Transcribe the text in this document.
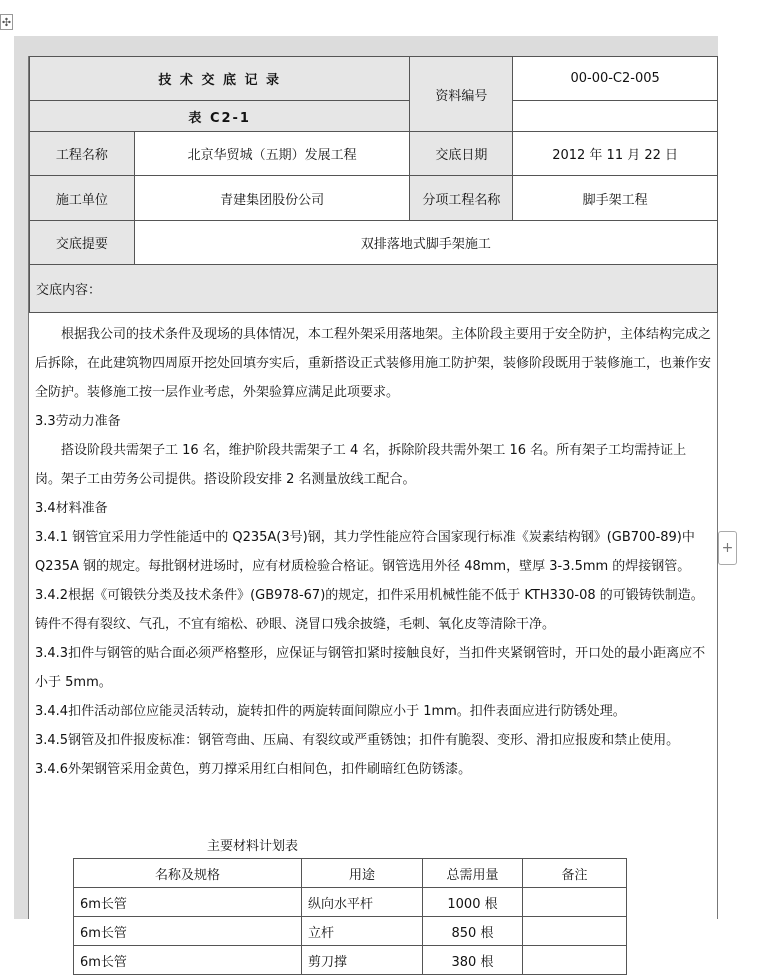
✣
+
技 术 交 底 记 录		资料编号	00-00-C2-005
表 C2-1			
工程名称	北京华贸城（五期）发展工程	交底日期	2012 年 11 月 22 日
施工单位	青建集团股份公司	分项工程名称	脚手架工程
交底提要	双排落地式脚手架施工		
交底内容：			

根据我公司的技术条件及现场的具体情况，本工程外架采用落地架。主体阶段主要用于安全防护，主体结构完成之后拆除，在此建筑物四周原开挖处回填夯实后，重新搭设正式装修用施工防护架，装修阶段既用于装修施工，也兼作安全防护。装修施工按一层作业考虑，外架验算应满足此项要求。

3.3劳动力准备

搭设阶段共需架子工 16 名，维护阶段共需架子工 4 名，拆除阶段共需外架工 16 名。所有架子工均需持证上岗。架子工由劳务公司提供。搭设阶段安排 2 名测量放线工配合。

3.4材料准备

3.4.1 钢管宜采用力学性能适中的 Q235A(3号)钢，其力学性能应符合国家现行标准《炭素结构钢》(GB700-89)中 Q235A 钢的规定。每批钢材进场时，应有材质检验合格证。钢管选用外径 48mm，壁厚 3-3.5mm 的焊接钢管。

3.4.2根据《可锻铁分类及技术条件》(GB978-67)的规定，扣件采用机械性能不低于 KTH330-08 的可锻铸铁制造。铸件不得有裂纹、气孔，不宜有缩松、砂眼、浇冒口残余披缝，毛刺、氧化皮等清除干净。

3.4.3扣件与钢管的贴合面必须严格整形，应保证与钢管扣紧时接触良好，当扣件夹紧钢管时，开口处的最小距离应不小于 5mm。

3.4.4扣件活动部位应能灵活转动，旋转扣件的两旋转面间隙应小于 1mm。扣件表面应进行防锈处理。

3.4.5钢管及扣件报废标准：钢管弯曲、压扁、有裂纹或严重锈蚀；扣件有脆裂、变形、滑扣应报废和禁止使用。

3.4.6外架钢管采用金黄色，剪刀撑采用红白相间色，扣件刷暗红色防锈漆。

主要材料计划表
名称及规格	用途	总需用量	备注
6m长管	纵向水平杆	1000 根	
6m长管	立杆	850 根	
6m长管	剪刀撑	380 根	
